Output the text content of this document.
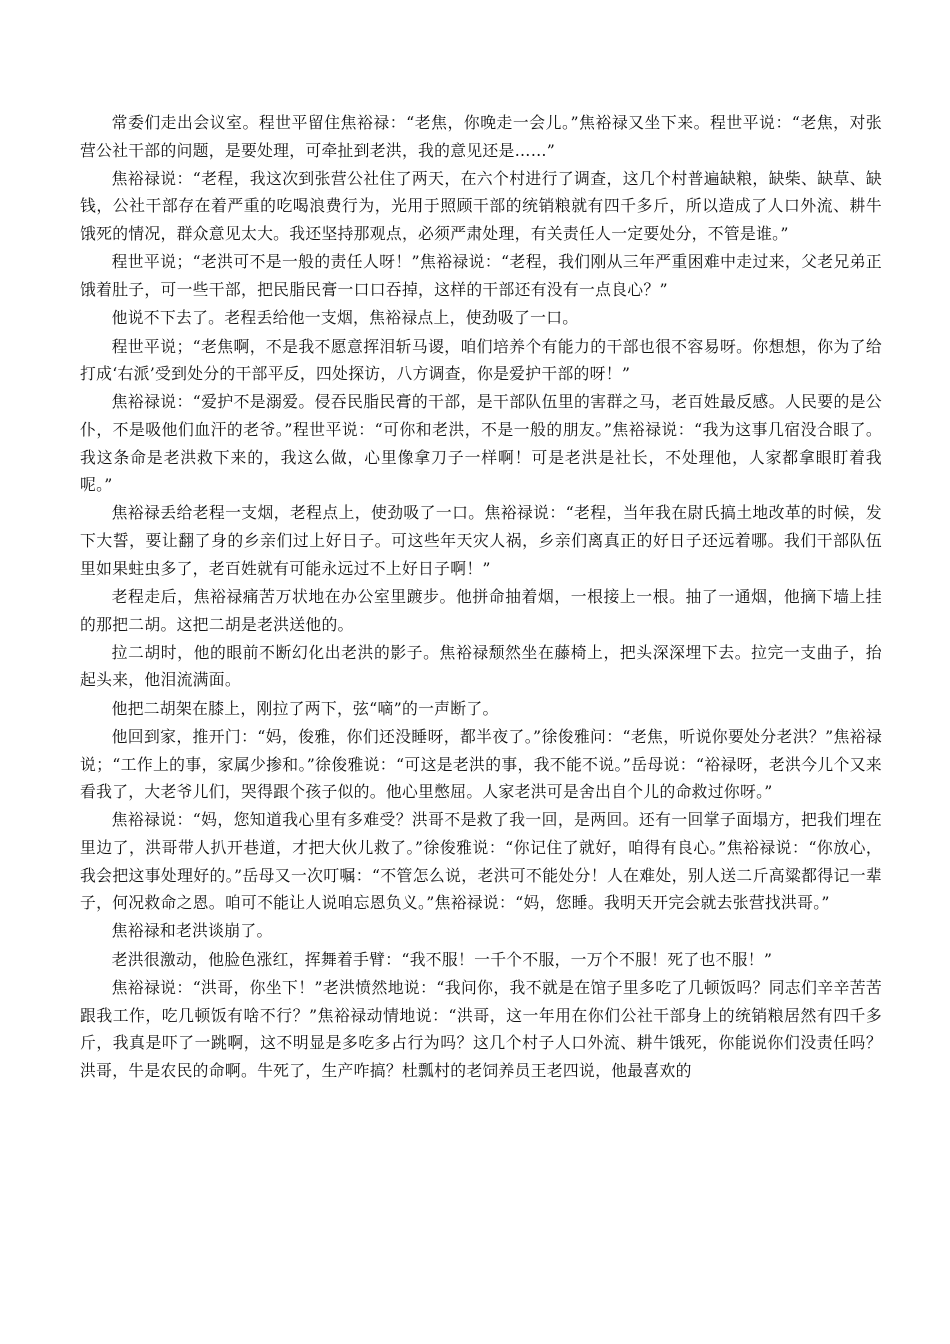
常委们走出会议室。程世平留住焦裕禄：“老焦，你晚走一会儿。”焦裕禄又坐下来。程世平说：“老焦，对张营公社干部的问题，是要处理，可牵扯到老洪，我的意见还是……”

焦裕禄说：“老程，我这次到张营公社住了两天，在六个村进行了调查，这几个村普遍缺粮，缺柴、缺草、缺钱，公社干部存在着严重的吃喝浪费行为，光用于照顾干部的统销粮就有四千多斤，所以造成了人口外流、耕牛饿死的情况，群众意见太大。我还坚持那观点，必须严肃处理，有关责任人一定要处分，不管是谁。”

程世平说；“老洪可不是一般的责任人呀！”焦裕禄说：“老程，我们刚从三年严重困难中走过来，父老兄弟正饿着肚子，可一些干部，把民脂民膏一口口吞掉，这样的干部还有没有一点良心？”

他说不下去了。老程丢给他一支烟，焦裕禄点上，使劲吸了一口。

程世平说；“老焦啊，不是我不愿意挥泪斩马谡，咱们培养个有能力的干部也很不容易呀。你想想，你为了给打成‘右派’受到处分的干部平反，四处探访，八方调查，你是爱护干部的呀！”

焦裕禄说：“爱护不是溺爱。侵吞民脂民膏的干部，是干部队伍里的害群之马，老百姓最反感。人民要的是公仆，不是吸他们血汗的老爷。”程世平说：“可你和老洪，不是一般的朋友。”焦裕禄说：“我为这事几宿没合眼了。我这条命是老洪救下来的，我这么做，心里像拿刀子一样啊！可是老洪是社长，不处理他，人家都拿眼盯着我呢。”

焦裕禄丢给老程一支烟，老程点上，使劲吸了一口。焦裕禄说：“老程，当年我在尉氏搞土地改革的时候，发下大誓，要让翻了身的乡亲们过上好日子。可这些年天灾人祸，乡亲们离真正的好日子还远着哪。我们干部队伍里如果蛀虫多了，老百姓就有可能永远过不上好日子啊！”

老程走后，焦裕禄痛苦万状地在办公室里踱步。他拼命抽着烟，一根接上一根。抽了一通烟，他摘下墙上挂的那把二胡。这把二胡是老洪送他的。

拉二胡时，他的眼前不断幻化出老洪的影子。焦裕禄颓然坐在藤椅上，把头深深埋下去。拉完一支曲子，抬起头来，他泪流满面。

他把二胡架在膝上，刚拉了两下，弦“嘀”的一声断了。

他回到家，推开门：“妈，俊雅，你们还没睡呀，都半夜了。”徐俊雅问：“老焦，听说你要处分老洪？”焦裕禄说；“工作上的事，家属少掺和。”徐俊雅说：“可这是老洪的事，我不能不说。”岳母说：“裕禄呀，老洪今儿个又来看我了，大老爷儿们，哭得跟个孩子似的。他心里憋屈。人家老洪可是舍出自个儿的命救过你呀。”

焦裕禄说：“妈，您知道我心里有多难受？洪哥不是救了我一回，是两回。还有一回掌子面塌方，把我们埋在里边了，洪哥带人扒开巷道，才把大伙儿救了。”徐俊雅说：“你记住了就好，咱得有良心。”焦裕禄说：“你放心，我会把这事处理好的。”岳母又一次叮嘱：“不管怎么说，老洪可不能处分！人在难处，别人送二斤高粱都得记一辈子，何况救命之恩。咱可不能让人说咱忘恩负义。”焦裕禄说：“妈，您睡。我明天开完会就去张营找洪哥。”

焦裕禄和老洪谈崩了。

老洪很激动，他脸色涨红，挥舞着手臂：“我不服！一千个不服，一万个不服！死了也不服！”

焦裕禄说：“洪哥，你坐下！”老洪愤然地说：“我问你，我不就是在馆子里多吃了几顿饭吗？同志们辛辛苦苦跟我工作，吃几顿饭有啥不行？”焦裕禄动情地说：“洪哥，这一年用在你们公社干部身上的统销粮居然有四千多斤，我真是吓了一跳啊，这不明显是多吃多占行为吗？这几个村子人口外流、耕牛饿死，你能说你们没责任吗？洪哥，牛是农民的命啊。牛死了，生产咋搞？杜瓢村的老饲养员王老四说，他最喜欢的
